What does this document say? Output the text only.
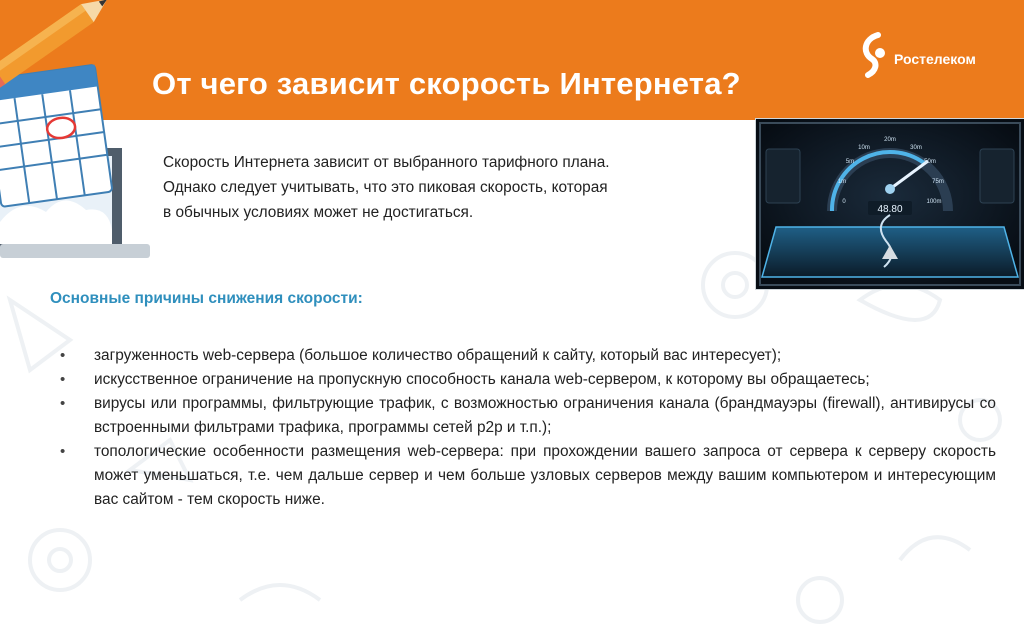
От чего зависит скорость Интернета?
Ростелеком
0
1m
5m
10m
20m
30m
50m
75m
100m
48.80

Скорость Интернета зависит от выбранного тарифного плана.

Однако следует учитывать, что это пиковая скорость, которая

в обычных условиях может не достигаться.

Основные причины снижения скорости:
• загруженность web-сервера (большое количество обращений к сайту, который вас интересует);
• искусственное ограничение на пропускную способность канала web-сервером, к которому вы обращаетесь;
• вирусы или программы, фильтрующие трафик, с возможностью ограничения канала (брандмауэры (firewall), антивирусы со встроенными фильтрами трафика, программы сетей p2p и т.п.);
• топологические особенности размещения web-сервера: при прохождении вашего запроса от сервера к серверу скорость может уменьшаться, т.е. чем дальше сервер и чем больше узловых серверов между вашим компьютером и интересующим вас сайтом - тем скорость ниже.
